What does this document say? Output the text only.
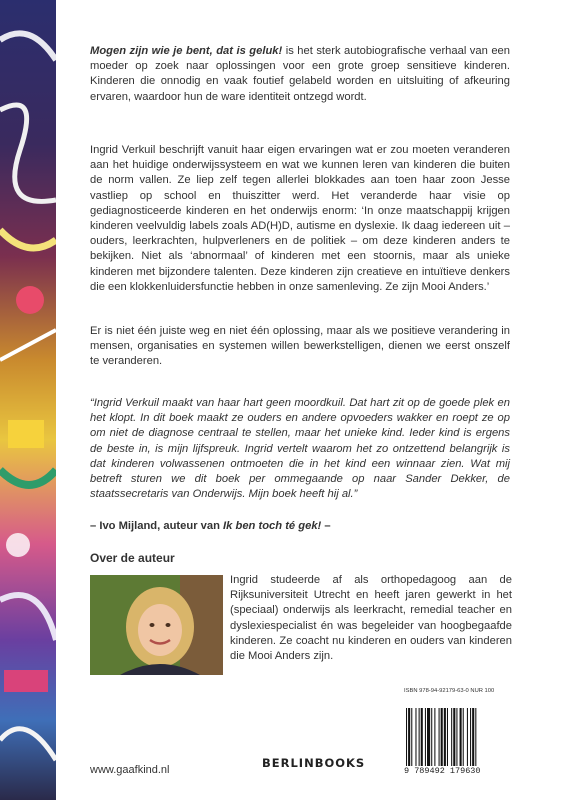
Mogen zijn wie je bent, dat is geluk! is het sterk autobiografische verhaal van een moeder op zoek naar oplossingen voor een grote groep sensitieve kinderen. Kinderen die onnodig en vaak foutief gelabeld worden en uitsluiting of afkeuring ervaren, waardoor hun de ware identiteit ontzegd wordt.
Ingrid Verkuil beschrijft vanuit haar eigen ervaringen wat er zou moeten veranderen aan het huidige onderwijssysteem en wat we kunnen leren van kinderen die buiten de norm vallen. Ze liep zelf tegen allerlei blokkades aan toen haar zoon Jesse vastliep op school en thuiszitter werd. Het veranderde haar visie op gediagnosticeerde kinderen en het onderwijs enorm: ‘In onze maatschappij krijgen kinderen veelvuldig labels zoals AD(H)D, autisme en dyslexie. Ik daag iedereen uit – ouders, leerkrachten, hulpverleners en de politiek – om deze kinderen anders te bekijken. Niet als ‘abnormaal’ of kinderen met een stoornis, maar als unieke kinderen met bijzondere talenten. Deze kinderen zijn creatieve en intuïtieve denkers die een klokkenluidersfunctie hebben in onze samenleving. Ze zijn Mooi Anders.’
Er is niet één juiste weg en niet één oplossing, maar als we positieve verandering in mensen, organisaties en systemen willen bewerkstelligen, dienen we eerst onszelf te veranderen.
“Ingrid Verkuil maakt van haar hart geen moordkuil. Dat hart zit op de goede plek en het klopt. In dit boek maakt ze ouders en andere opvoeders wakker en roept ze op om niet de diagnose centraal te stellen, maar het unieke kind. Ieder kind is ergens de beste in, is mijn lijfspreuk. Ingrid vertelt waarom het zo ontzettend belangrijk is dat kinderen volwassenen ontmoeten die in het kind een winnaar zien. Wat mij betreft sturen we dit boek per ommegaande op naar Sander Dekker, de staatssecretaris van Onderwijs. Mijn boek heeft hij al.”
– Ivo Mijland, auteur van Ik ben toch té gek! –
Over de auteur
Ingrid studeerde af als orthopedagoog aan de Rijksuniversiteit Utrecht en heeft jaren gewerkt in het (speciaal) onderwijs als leerkracht, remedial teacher en dyslexiespecialist én was begeleider van hoogbegaafde kinderen. Ze coacht nu kinderen en ouders van kinderen die Mooi Anders zijn.
ISBN 978-94-92179-63-0 NUR 100
9 789492 179630
www.gaafkind.nl	BERLINBOOKS
